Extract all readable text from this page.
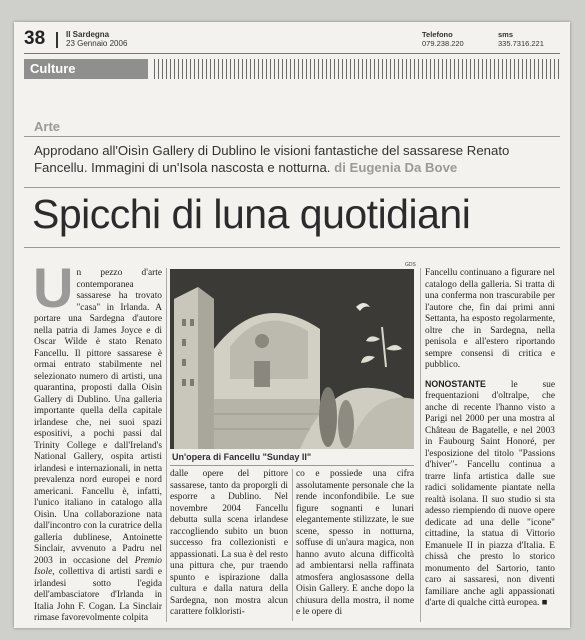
38	Il Sardegna
23 Gennaio 2006
Telefono
079.238.220
sms
335.7316.221
Culture
Arte
Approdano all'Oisìn Gallery di Dublino le visioni fantastiche del sassarese Renato Fancellu. Immagini di un'Isola nascosta e notturna. di Eugenia Da Bove
Spicchi di luna quotidiani
Un pezzo d'arte contemporanea sassarese ha trovato "casa" in Irlanda. A portare una Sardegna d'autore nella patria di James Joyce e di Oscar Wilde è stato Renato Fancellu. Il pittore sassarese è ormai entrato stabilmente nel selezionato numero di artisti, una quarantina, proposti dalla Oisìn Gallery di Dublino. Una galleria importante quella della capitale irlandese che, nei suoi spazi espositivi, a pochi passi dal Trinity College e dall'Ireland's National Gallery, ospita artisti irlandesi e internazionali, in netta prevalenza nord europei e nord americani. Fancellu è, infatti, l'unico italiano in catalogo alla Oisìn. Una collaborazione nata dall'incontro con la curatrice della galleria dublinese, Antoinette Sinclair, avvenuto a Padru nel 2003 in occasione del Premio Isole, collettiva di artisti sardi e irlandesi sotto l'egida dell'ambasciatore d'Irlanda in Italia John F. Cogan. La Sinclair rimase favorevolmente colpita
GDS
Un'opera di Fancellu "Sunday II"
dalle opere del pittore sassarese, tanto da proporgli di esporre a Dublino. Nel novembre 2004 Fancellu debutta sulla scena irlandese raccogliendo subito un buon successo fra collezionisti e appassionati. La sua è del resto una pittura che, pur traendo spunto e ispirazione dalla cultura e dalla natura della Sardegna, non mostra alcun carattere folkloristi-
co e possiede una cifra assolutamente personale che la rende inconfondibile. Le sue figure sognanti e lunari elegantemente stilizzate, le sue scene, spesso in notturna, soffuse di un'aura magica, non hanno avuto alcuna difficoltà ad ambientarsi nella raffinata atmosfera anglosassone della Oisìn Gallery. E anche dopo la chiusura della mostra, il nome e le opere di

Fancellu continuano a figurare nel catalogo della galleria. Si tratta di una conferma non trascurabile per l'autore che, fin dai primi anni Settanta, ha esposto regolarmente, oltre che in Sardegna, nella penisola e all'estero riportando sempre consensi di critica e pubblico.

NONOSTANTE le sue frequentazioni d'oltralpe, che anche di recente l'hanno visto a Parigi nel 2000 per una mostra al Château de Bagatelle, e nel 2003 in Faubourg Saint Honoré, per l'esposizione del titolo "Passions d'hiver"- Fancellu continua a trarre linfa artistica dalle sue radici solidamente piantate nella realtà isolana. Il suo studio si sta adesso riempiendo di nuove opere dedicate ad una delle "icone" cittadine, la statua di Vittorio Emanuele II in piazza d'Italia. E chissà che presto lo storico monumento del Sartorio, tanto caro ai sassaresi, non diventi familiare anche agli appassionati d'arte di qualche città europea. ■
